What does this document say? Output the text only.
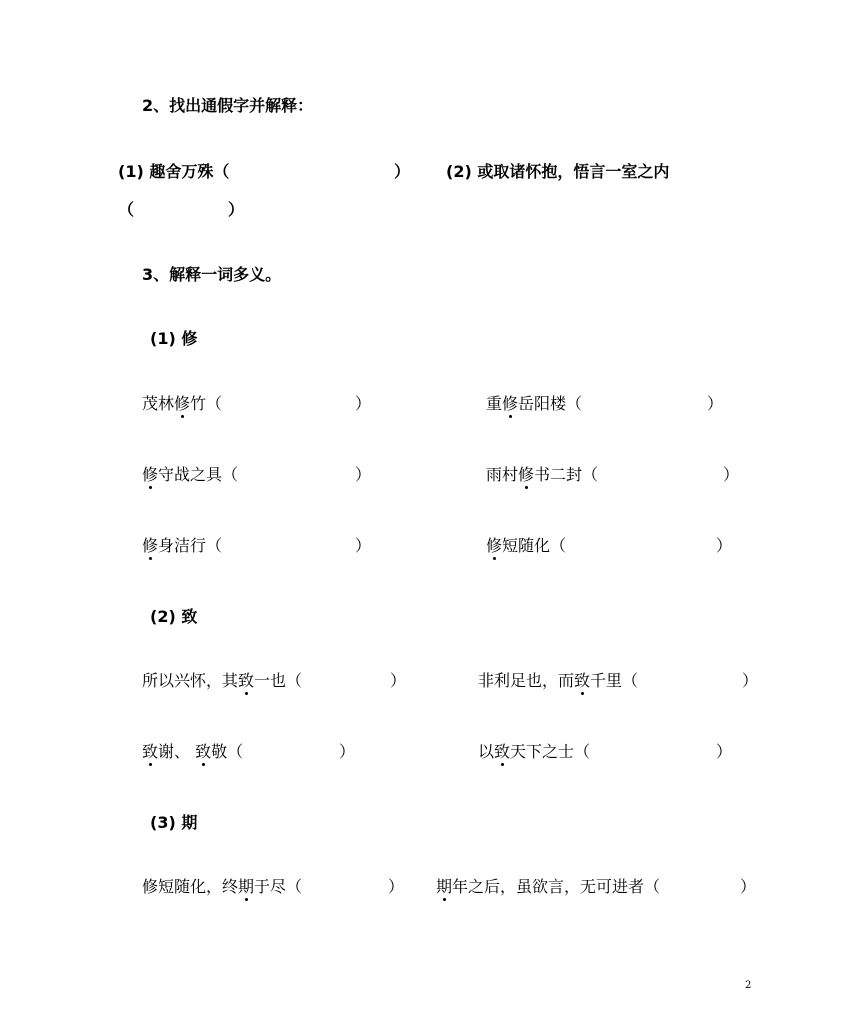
2、找出通假字并解释：
(1) 趣舍万殊（	） (2) 或取诸怀抱，悟言一室之内
（	）
3、解释一词多义。
(1) 修
茂林修竹（	）	重修岳阳楼（	）
修守战之具（	）	雨村修书二封（	）
修身洁行（	）	修短随化（	）
(2) 致
所以兴怀，其致一也（	）	非利足也，而致千里（	）
致谢、 致敬（	）	以致天下之士（	）
(3) 期
修短随化，终期于尽（	） 期年之后，虽欲言，无可进者（	）
2
